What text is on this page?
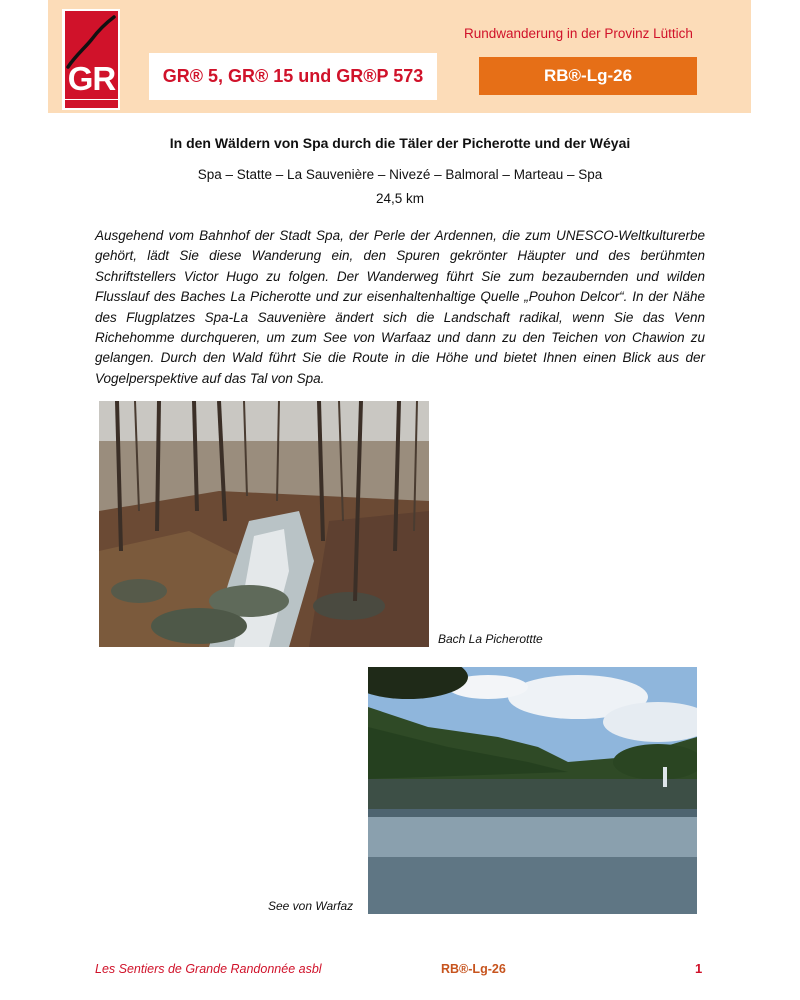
GR	GR® 5, GR® 15 und GR®P 573
Rundwanderung in der Provinz Lüttich
RB®-Lg-26
In den Wäldern von Spa durch die Täler der Picherotte und der Wéyai
Spa – Statte – La Sauvenière – Nivezé – Balmoral – Marteau – Spa
24,5 km

Ausgehend vom Bahnhof der Stadt Spa, der Perle der Ardennen, die zum UNESCO-Weltkulturerbe gehört, lädt Sie diese Wanderung ein, den Spuren gekrönter Häupter und des berühmten Schriftstellers Victor Hugo zu folgen. Der Wanderweg führt Sie zum bezaubernden und wilden Flusslauf des Baches La Picherotte und zur eisenhaltenhaltige Quelle „Pouhon Delcor“. In der Nähe des Flugplatzes Spa-La Sauvenière ändert sich die Landschaft radikal, wenn Sie das Venn Richehomme durchqueren, um zum See von Warfaaz und dann zu den Teichen von Chawion zu gelangen. Durch den Wald führt Sie die Route in die Höhe und bietet Ihnen einen Blick aus der Vogelperspektive auf das Tal von Spa.

Bach La Picherottte
See von Warfaz
Les Sentiers de Grande Randonnée asbl	RB®-Lg-26	1
